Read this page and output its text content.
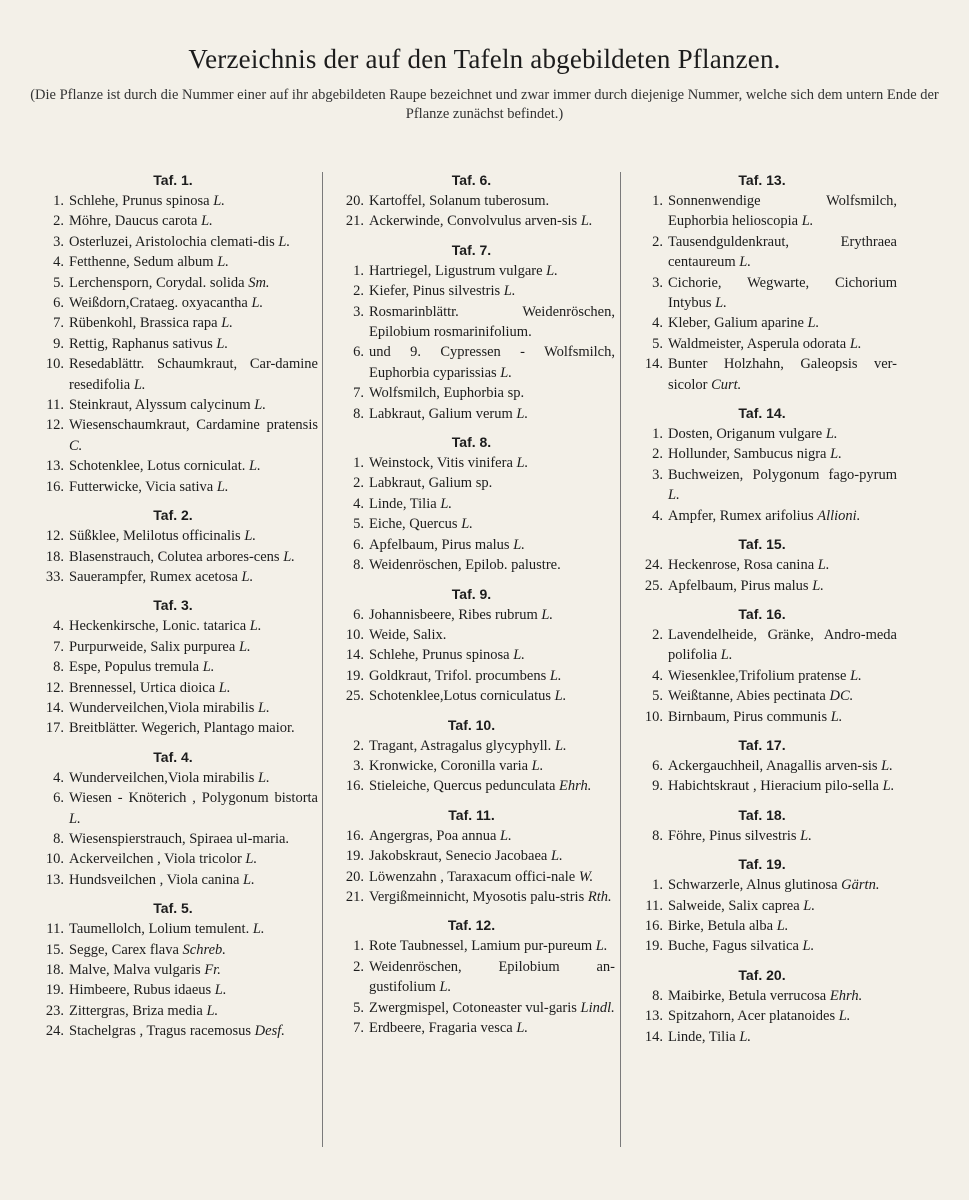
Verzeichnis der auf den Tafeln abgebildeten Pflanzen.
(Die Pflanze ist durch die Nummer einer auf ihr abgebildeten Raupe bezeichnet und zwar immer durch diejenige Nummer, welche sich dem untern Ende der Pflanze zunächst befindet.)
Taf. 1.
1. Schlehe, Prunus spinosa L.
2. Möhre, Daucus carota L.
3. Osterluzei, Aristolochia clemati-dis L.
4. Fetthenne, Sedum album L.
5. Lerchensporn, Corydal. solida Sm.
6. Weißdorn,Crataeg. oxyacantha L.
7. Rübenkohl, Brassica rapa L.
9. Rettig, Raphanus sativus L.
10. Resedablättr. Schaumkraut, Car-damine resedifolia L.
11. Steinkraut, Alyssum calycinum L.
12. Wiesenschaumkraut, Cardamine pratensis C.
13. Schotenklee, Lotus corniculat. L.
16. Futterwicke, Vicia sativa L.
Taf. 2.
12. Süßklee, Melilotus officinalis L.
18. Blasenstrauch, Colutea arbores-cens L.
33. Sauerampfer, Rumex acetosa L.
Taf. 3.
4. Heckenkirsche, Lonic. tatarica L.
7. Purpurweide, Salix purpurea L.
8. Espe, Populus tremula L.
12. Brennessel, Urtica dioica L.
14. Wunderveilchen,Viola mirabilis L.
17. Breitblätter. Wegerich, Plantago maior.
Taf. 4.
4. Wunderveilchen,Viola mirabilis L.
6. Wiesen - Knöterich , Polygonum bistorta L.
8. Wiesenspierstrauch, Spiraea ul-maria.
10. Ackerveilchen , Viola tricolor L.
13. Hundsveilchen , Viola canina L.
Taf. 5.
11. Taumellolch, Lolium temulent. L.
15. Segge, Carex flava Schreb.
18. Malve, Malva vulgaris Fr.
19. Himbeere, Rubus idaeus L.
23. Zittergras, Briza media L.
24. Stachelgras , Tragus racemosus Desf.
Taf. 6.
20. Kartoffel, Solanum tuberosum.
21. Ackerwinde, Convolvulus arven-sis L.
Taf. 7.
1. Hartriegel, Ligustrum vulgare L.
2. Kiefer, Pinus silvestris L.
3. Rosmarinblättr. Weidenröschen, Epilobium rosmarinifolium.
6. und 9. Cypressen - Wolfsmilch, Euphorbia cyparissias L.
7. Wolfsmilch, Euphorbia sp.
8. Labkraut, Galium verum L.
Taf. 8.
1. Weinstock, Vitis vinifera L.
2. Labkraut, Galium sp.
4. Linde, Tilia L.
5. Eiche, Quercus L.
6. Apfelbaum, Pirus malus L.
8. Weidenröschen, Epilob. palustre.
Taf. 9.
6. Johannisbeere, Ribes rubrum L.
10. Weide, Salix.
14. Schlehe, Prunus spinosa L.
19. Goldkraut, Trifol. procumbens L.
25. Schotenklee,Lotus corniculatus L.
Taf. 10.
2. Tragant, Astragalus glycyphyll. L.
3. Kronwicke, Coronilla varia L.
16. Stieleiche, Quercus pedunculata Ehrh.
Taf. 11.
16. Angergras, Poa annua L.
19. Jakobskraut, Senecio Jacobaea L.
20. Löwenzahn , Taraxacum offici-nale W.
21. Vergißmeinnicht, Myosotis palu-stris Rth.
Taf. 12.
1. Rote Taubnessel, Lamium pur-pureum L.
2. Weidenröschen, Epilobium an-gustifolium L.
5. Zwergmispel, Cotoneaster vul-garis Lindl.
7. Erdbeere, Fragaria vesca L.
Taf. 13.
1. Sonnenwendige Wolfsmilch, Euphorbia helioscopia L.
2. Tausendguldenkraut, Erythraea centaureum L.
3. Cichorie, Wegwarte, Cichorium Intybus L.
4. Kleber, Galium aparine L.
5. Waldmeister, Asperula odorata L.
14. Bunter Holzhahn, Galeopsis ver-sicolor Curt.
Taf. 14.
1. Dosten, Origanum vulgare L.
2. Hollunder, Sambucus nigra L.
3. Buchweizen, Polygonum fago-pyrum L.
4. Ampfer, Rumex arifolius Allioni.
Taf. 15.
24. Heckenrose, Rosa canina L.
25. Apfelbaum, Pirus malus L.
Taf. 16.
2. Lavendelheide, Gränke, Andro-meda polifolia L.
4. Wiesenklee,Trifolium pratense L.
5. Weißtanne, Abies pectinata DC.
10. Birnbaum, Pirus communis L.
Taf. 17.
6. Ackergauchheil, Anagallis arven-sis L.
9. Habichtskraut , Hieracium pilo-sella L.
Taf. 18.
8. Föhre, Pinus silvestris L.
Taf. 19.
1. Schwarzerle, Alnus glutinosa Gärtn.
11. Salweide, Salix caprea L.
16. Birke, Betula alba L.
19. Buche, Fagus silvatica L.
Taf. 20.
8. Maibirke, Betula verrucosa Ehrh.
13. Spitzahorn, Acer platanoides L.
14. Linde, Tilia L.
